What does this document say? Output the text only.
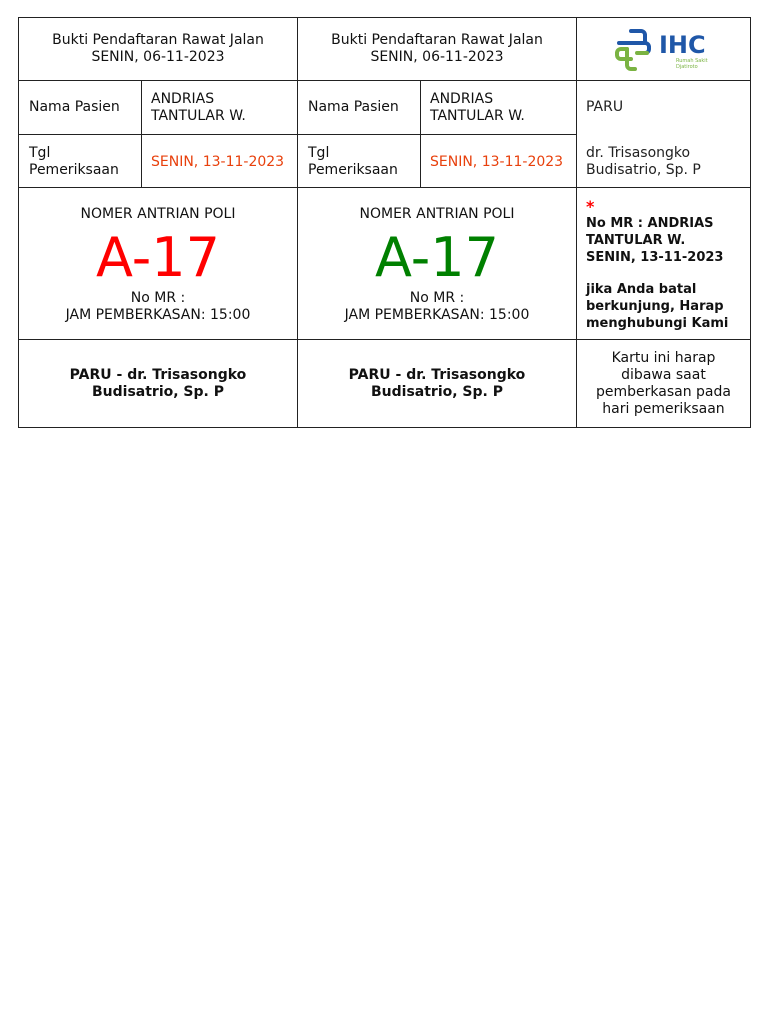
Bukti Pendaftaran Rawat Jalan
SENIN, 06-11-2023
Bukti Pendaftaran Rawat Jalan
SENIN, 06-11-2023	IHC
Rumah Sakit
Djatiroto
Nama Pasien ANDRIAS TANTULAR W.
Nama Pasien ANDRIAS TANTULAR W.
PARU
dr. Trisasongko Budisatrio, Sp. P
Tgl
Pemeriksaan SENIN, 13-11-2023
Tgl
Pemeriksaan SENIN, 13-11-2023
NOMER ANTRIAN POLI
A-17
No MR :
JAM PEMBERKASAN: 15:00
NOMER ANTRIAN POLI
A-17
No MR :
JAM PEMBERKASAN: 15:00
*
No MR : ANDRIAS TANTULAR W. SENIN, 13-11-2023
jika Anda batal berkunjung, Harap menghubungi Kami
PARU - dr. Trisasongko Budisatrio, Sp. P
PARU - dr. Trisasongko Budisatrio, Sp. P
Kartu ini harap dibawa saat pemberkasan pada hari pemeriksaan
